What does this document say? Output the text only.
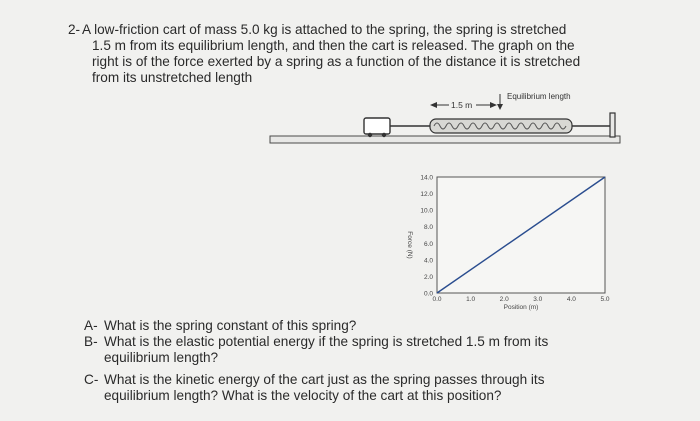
2- A low-friction cart of mass 5.0 kg is attached to the spring, the spring is stretched
1.5 m from its equilibrium length, and then the cart is released. The graph on the
right is of the force exerted by a spring as a function of the distance it is stretched
from its unstretched length
1.5 m
Equilibrium length
0.0
2.0
4.0
6.0
8.0
10.0
12.0
14.0
0.0	1.0	2.0	3.0	4.0	5.0
Position (m)
Force (N)
A- What is the spring constant of this spring?
B- What is the elastic potential energy if the spring is stretched 1.5 m from its
equilibrium length?
C- What is the kinetic energy of the cart just as the spring passes through its
equilibrium length? What is the velocity of the cart at this position?
